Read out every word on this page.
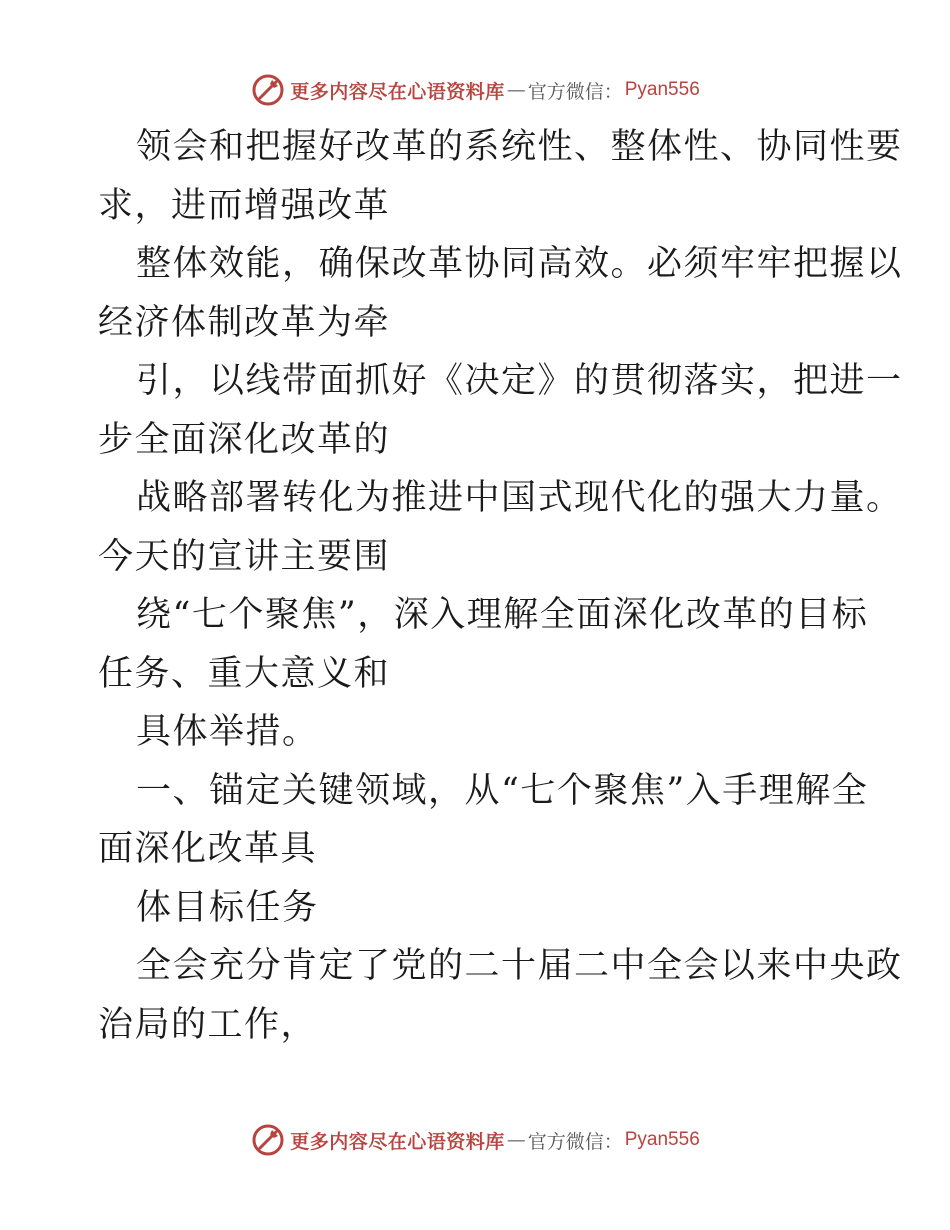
更多内容尽在心语资料库 — 官方微信： Pyan556

领会和把握好改革的系统性、整体性、协同性要
求，进而增强改革

整体效能，确保改革协同高效。必须牢牢把握以
经济体制改革为牵

引，以线带面抓好《决定》的贯彻落实，把进一
步全面深化改革的

战略部署转化为推进中国式现代化的强大力量。
今天的宣讲主要围

绕“七个聚焦”，深入理解全面深化改革的目标
任务、重大意义和

具体举措。

一、锚定关键领域，从“七个聚焦”入手理解全
面深化改革具

体目标任务

全会充分肯定了党的二十届二中全会以来中央政
治局的工作，

更多内容尽在心语资料库 — 官方微信： Pyan556
